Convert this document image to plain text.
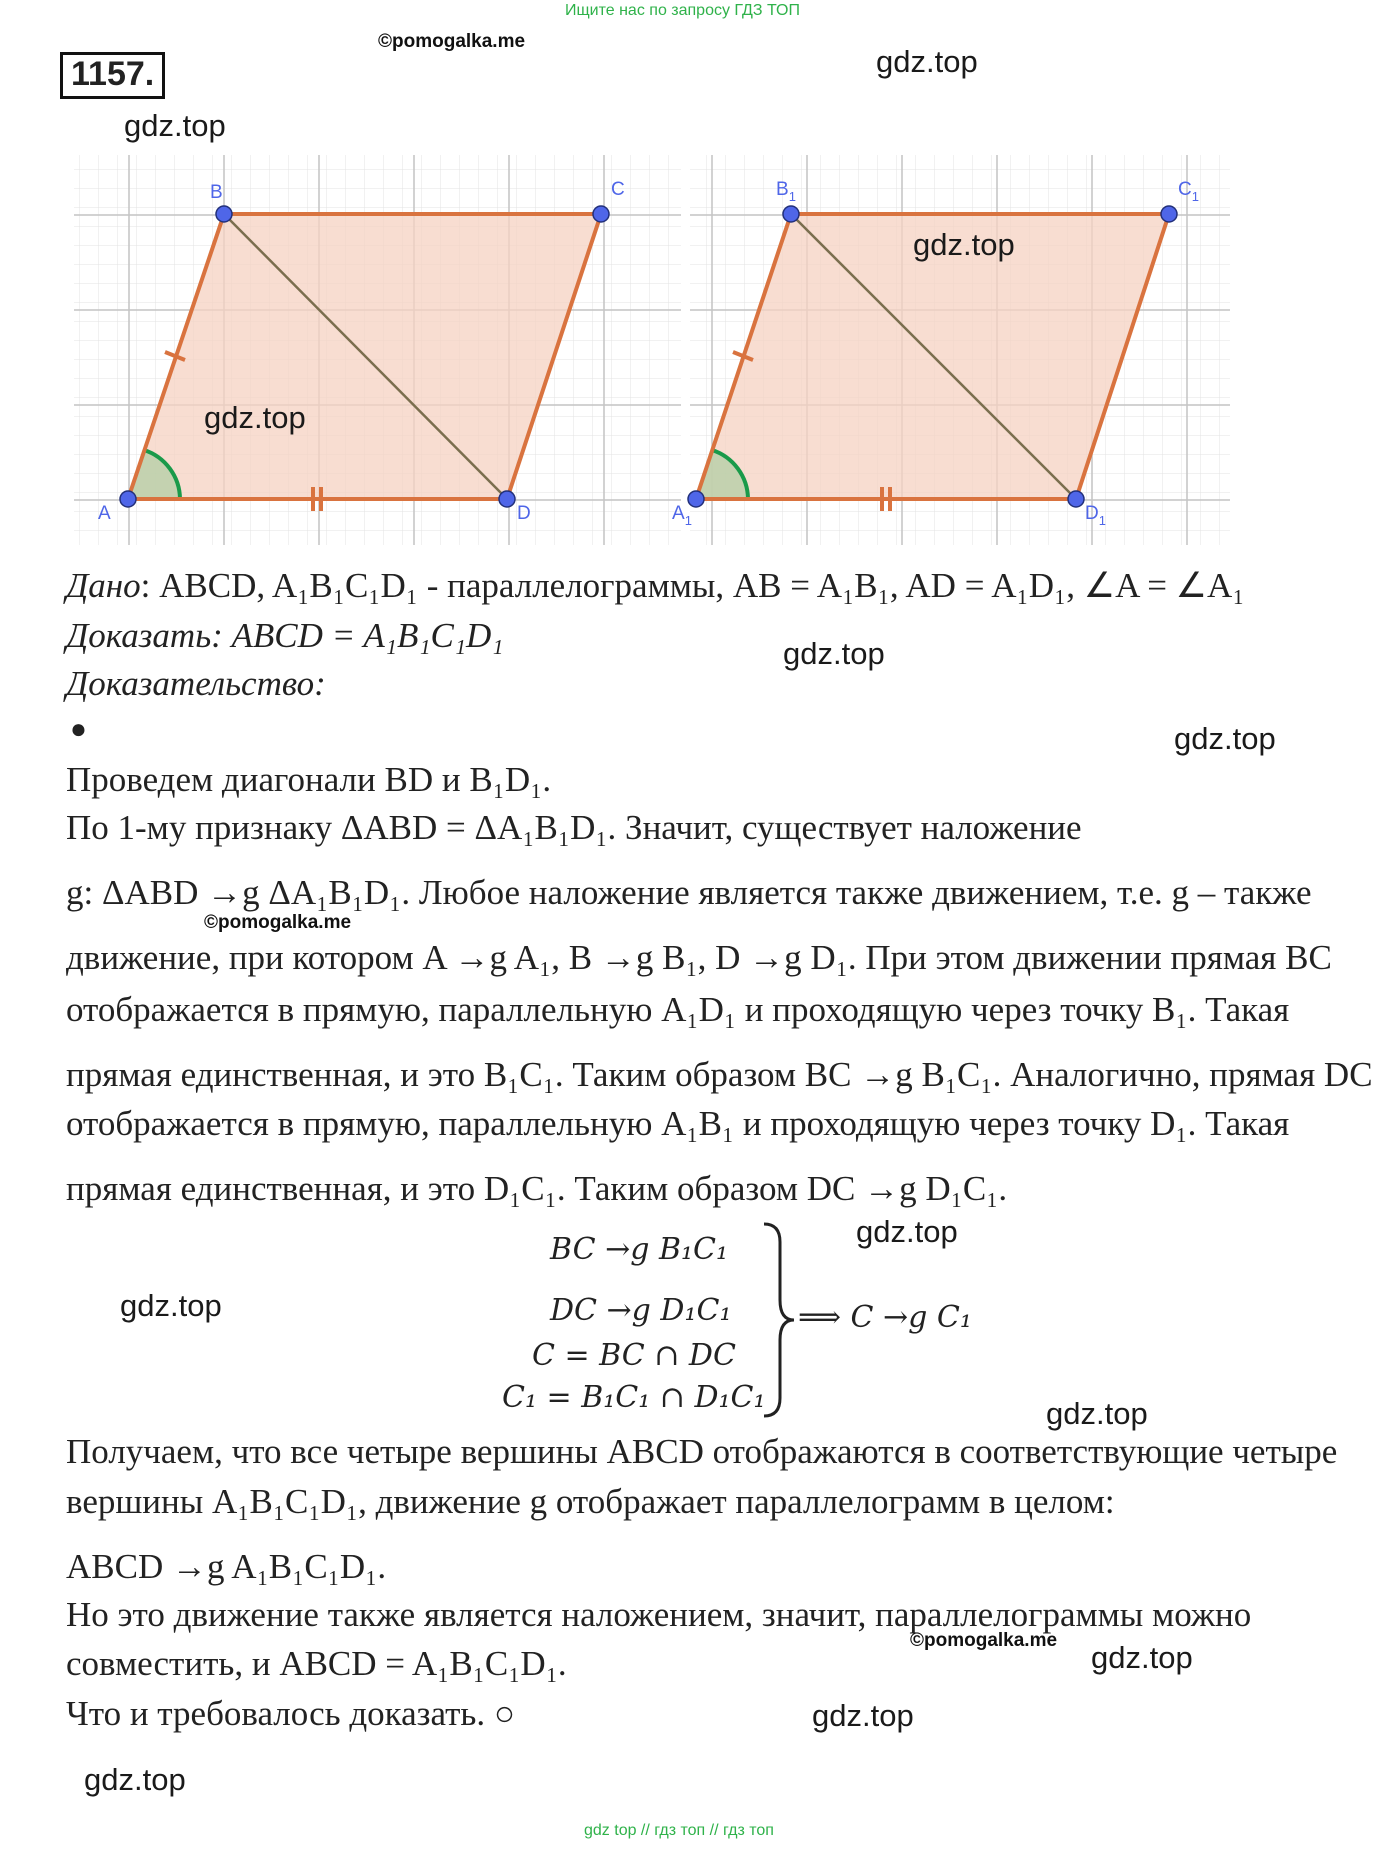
Ищите нас по запросу ГДЗ ТОП
1157.
©pomogalka.me
gdz.top
gdz.top
A
B	C
D	$A_1$
$B_1$	$C_1$
$D_1$
gdz.top
gdz.top
Дано: ABCD, A₁B₁C₁D₁ - параллелограммы, AB = A₁B₁, AD = A₁D₁, ∠A = ∠A₁
Доказать: ABCD = A₁B₁C₁D₁
Доказательство:
gdz.top
●	gdz.top
Проведем диагонали BD и B₁D₁.
По 1-му признаку ΔABD = ΔA₁B₁D₁. Значит, существует наложение
g: ΔABD →g ΔA₁B₁D₁. Любое наложение является также движением, т.е. g – также
©pomogalka.me
движение, при котором A →g A₁, B →g B₁, D →g D₁. При этом движении прямая BC
отображается в прямую, параллельную A₁D₁ и проходящую через точку B₁. Такая
прямая единственная, и это B₁C₁. Таким образом BC →g B₁C₁. Аналогично, прямая DC
отображается в прямую, параллельную A₁B₁ и проходящую через точку D₁. Такая
прямая единственная, и это D₁C₁. Таким образом DC →g D₁C₁.
BC →g B₁C₁
DC →g D₁C₁
C = BC ∩ DC
C₁ = B₁C₁ ∩ D₁C₁
⟹ C →g C₁
gdz.top
gdz.top
gdz.top
Получаем, что все четыре вершины ABCD отображаются в соответствующие четыре
вершины A₁B₁C₁D₁, движение g отображает параллелограмм в целом:
ABCD →g A₁B₁C₁D₁.
Но это движение также является наложением, значит, параллелограммы можно
©pomogalka.me
совместить, и ABCD = A₁B₁C₁D₁.	gdz.top
Что и требовалось доказать. ○	gdz.top
gdz.top
gdz top // гдз топ // гдз топ
